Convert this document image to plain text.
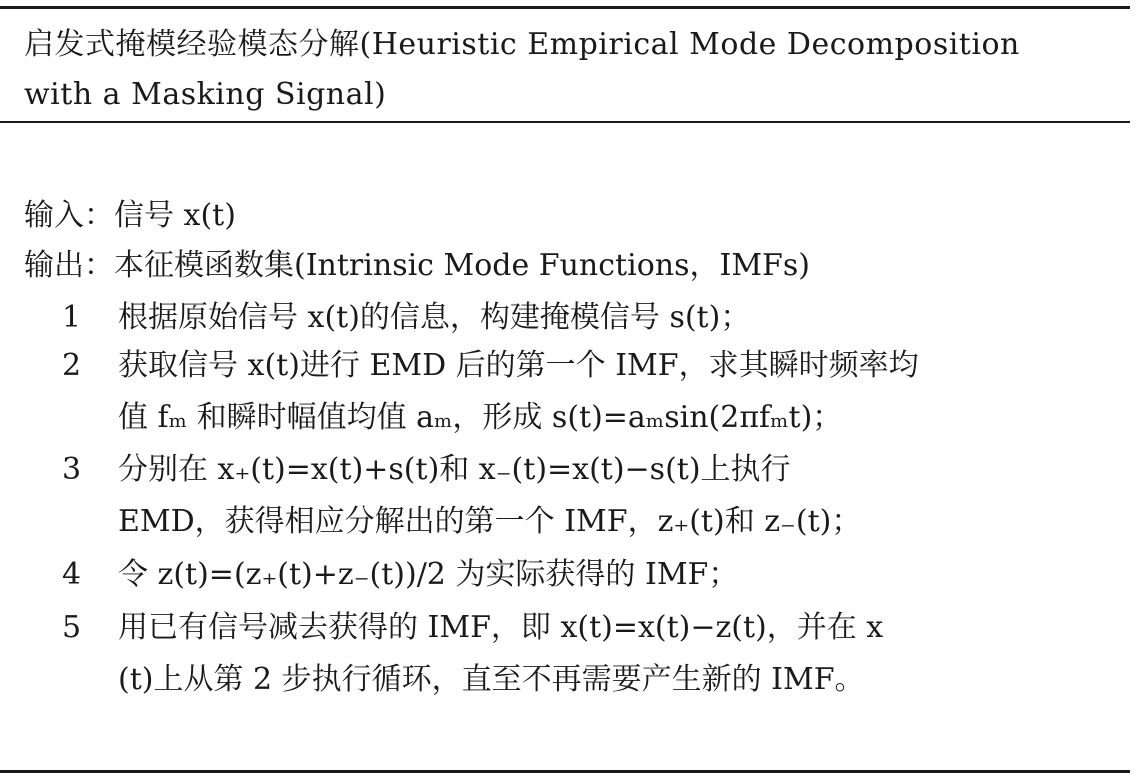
启发式掩模经验模态分解(Heuristic Empirical Mode Decomposition
with a Masking Signal)
输入：信号 x(t)
输出：本征模函数集(Intrinsic Mode Functions，IMFs)
1 根据原始信号 x(t)的信息，构建掩模信号 s(t)；
2 获取信号 x(t)进行 EMD 后的第一个 IMF，求其瞬时频率均
值 fₘ 和瞬时幅值均值 aₘ，形成 s(t)=aₘsin(2πfₘt)；
3 分别在 x₊(t)=x(t)+s(t)和 x₋(t)=x(t)−s(t)上执行
EMD，获得相应分解出的第一个 IMF，z₊(t)和 z₋(t)；
4 令 z(t)=(z₊(t)+z₋(t))/2 为实际获得的 IMF；
5 用已有信号减去获得的 IMF，即 x(t)=x(t)−z(t)，并在 x
(t)上从第 2 步执行循环，直至不再需要产生新的 IMF。
